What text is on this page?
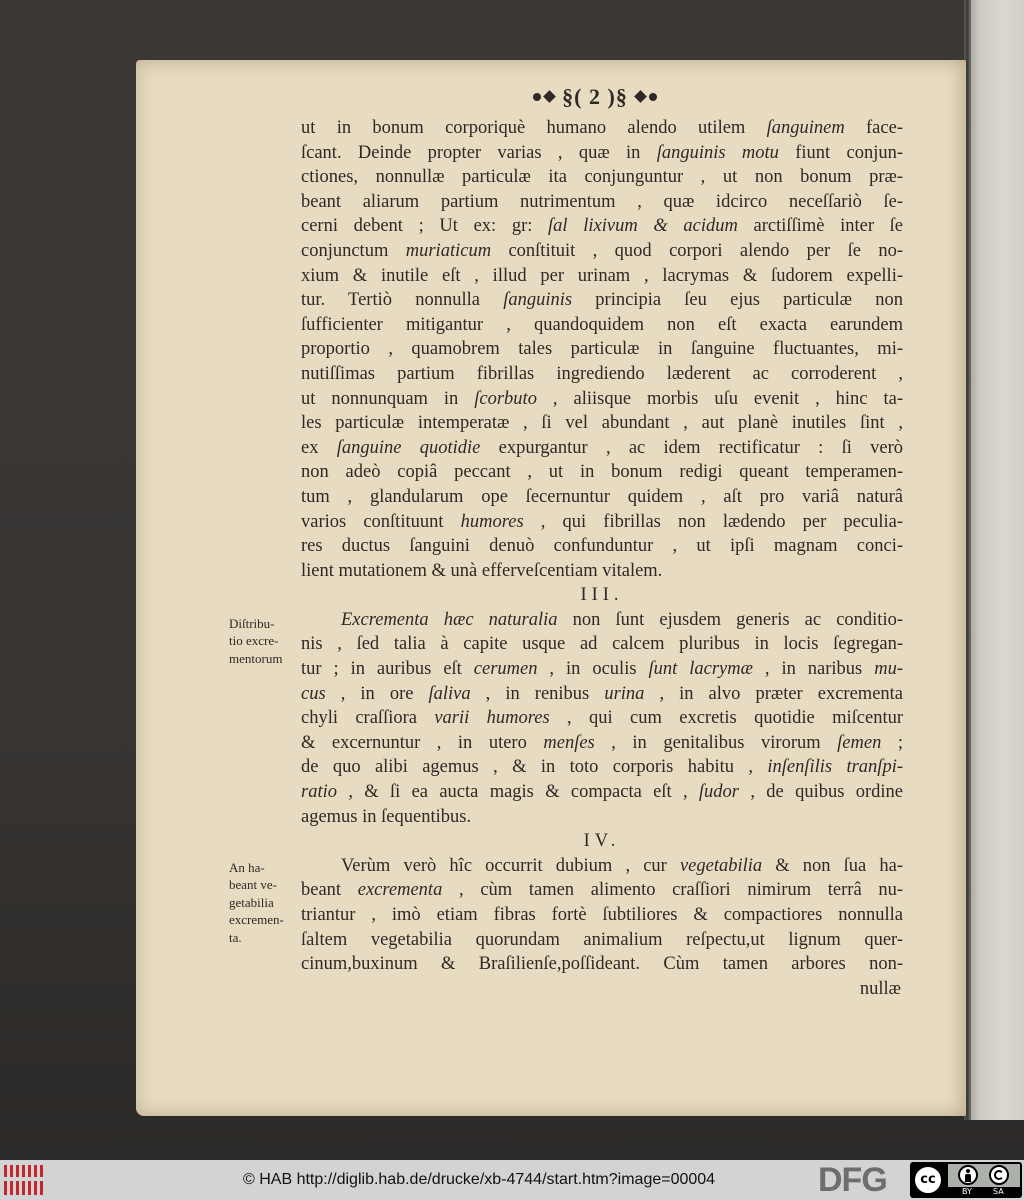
§( 2 )§
ut in bonum corporiquè humano alendo utilem ſanguinem face-
ſcant. Deinde propter varias , quæ in ſanguinis motu fiunt conjun-
ctiones, nonnullæ particulæ ita conjunguntur , ut non bonum præ-
beant aliarum partium nutrimentum , quæ idcirco neceſſariò ſe-
cerni debent ; Ut ex: gr: ſal lixivum & acidum arctiſſimè inter ſe
conjunctum muriaticum conſtituit , quod corpori alendo per ſe no-
xium & inutile eſt , illud per urinam , lacrymas & ſudorem expelli-
tur. Tertiò nonnulla ſanguinis principia ſeu ejus particulæ non
ſufficienter mitigantur , quandoquidem non eſt exacta earundem
proportio , quamobrem tales particulæ in ſanguine fluctuantes, mi-
nutiſſimas partium fibrillas ingrediendo læderent ac corroderent ,
ut nonnunquam in ſcorbuto , aliisque morbis uſu evenit , hinc ta-
les particulæ intemperatæ , ſi vel abundant , aut planè inutiles ſint ,
ex ſanguine quotidie expurgantur , ac idem rectificatur : ſi verò
non adeò copiâ peccant , ut in bonum redigi queant temperamen-
tum , glandularum ope ſecernuntur quidem , aſt pro variâ naturâ
varios conſtituunt humores , qui fibrillas non lædendo per peculia-
res ductus ſanguini denuò confunduntur , ut ipſi magnam conci-
lient mutationem & unà efferveſcentiam vitalem.
III.
Excrementa hæc naturalia non ſunt ejusdem generis ac conditio-
nis , ſed talia à capite usque ad calcem pluribus in locis ſegregan-
tur ; in auribus eſt cerumen , in oculis ſunt lacrymæ , in naribus mu-
cus , in ore ſaliva , in renibus urina , in alvo præter excrementa
chyli craſſiora varii humores , qui cum excretis quotidie miſcentur
& excernuntur , in utero menſes , in genitalibus virorum ſemen ;
de quo alibi agemus , & in toto corporis habitu , inſenſilis tranſpi-
ratio , & ſi ea aucta magis & compacta eſt , ſudor , de quibus ordine
agemus in ſequentibus.
IV.
Verùm verò hîc occurrit dubium , cur vegetabilia & non ſua ha-
beant excrementa , cùm tamen alimento craſſiori nimirum terrâ nu-
triantur , imò etiam fibras fortè ſubtiliores & compactiores nonnulla
ſaltem vegetabilia quorundam animalium reſpectu,ut lignum quer-
cinum,buxinum & Braſilienſe,poſſideant. Cùm tamen arbores non-
nullæ
Diſtribu-
tio excre-
mentorum
An ha-
beant ve-
getabilia
excremen-
ta.
© HAB http://diglib.hab.de/drucke/xb-4744/start.htm?image=00004	DFG	cc
BY	SA
